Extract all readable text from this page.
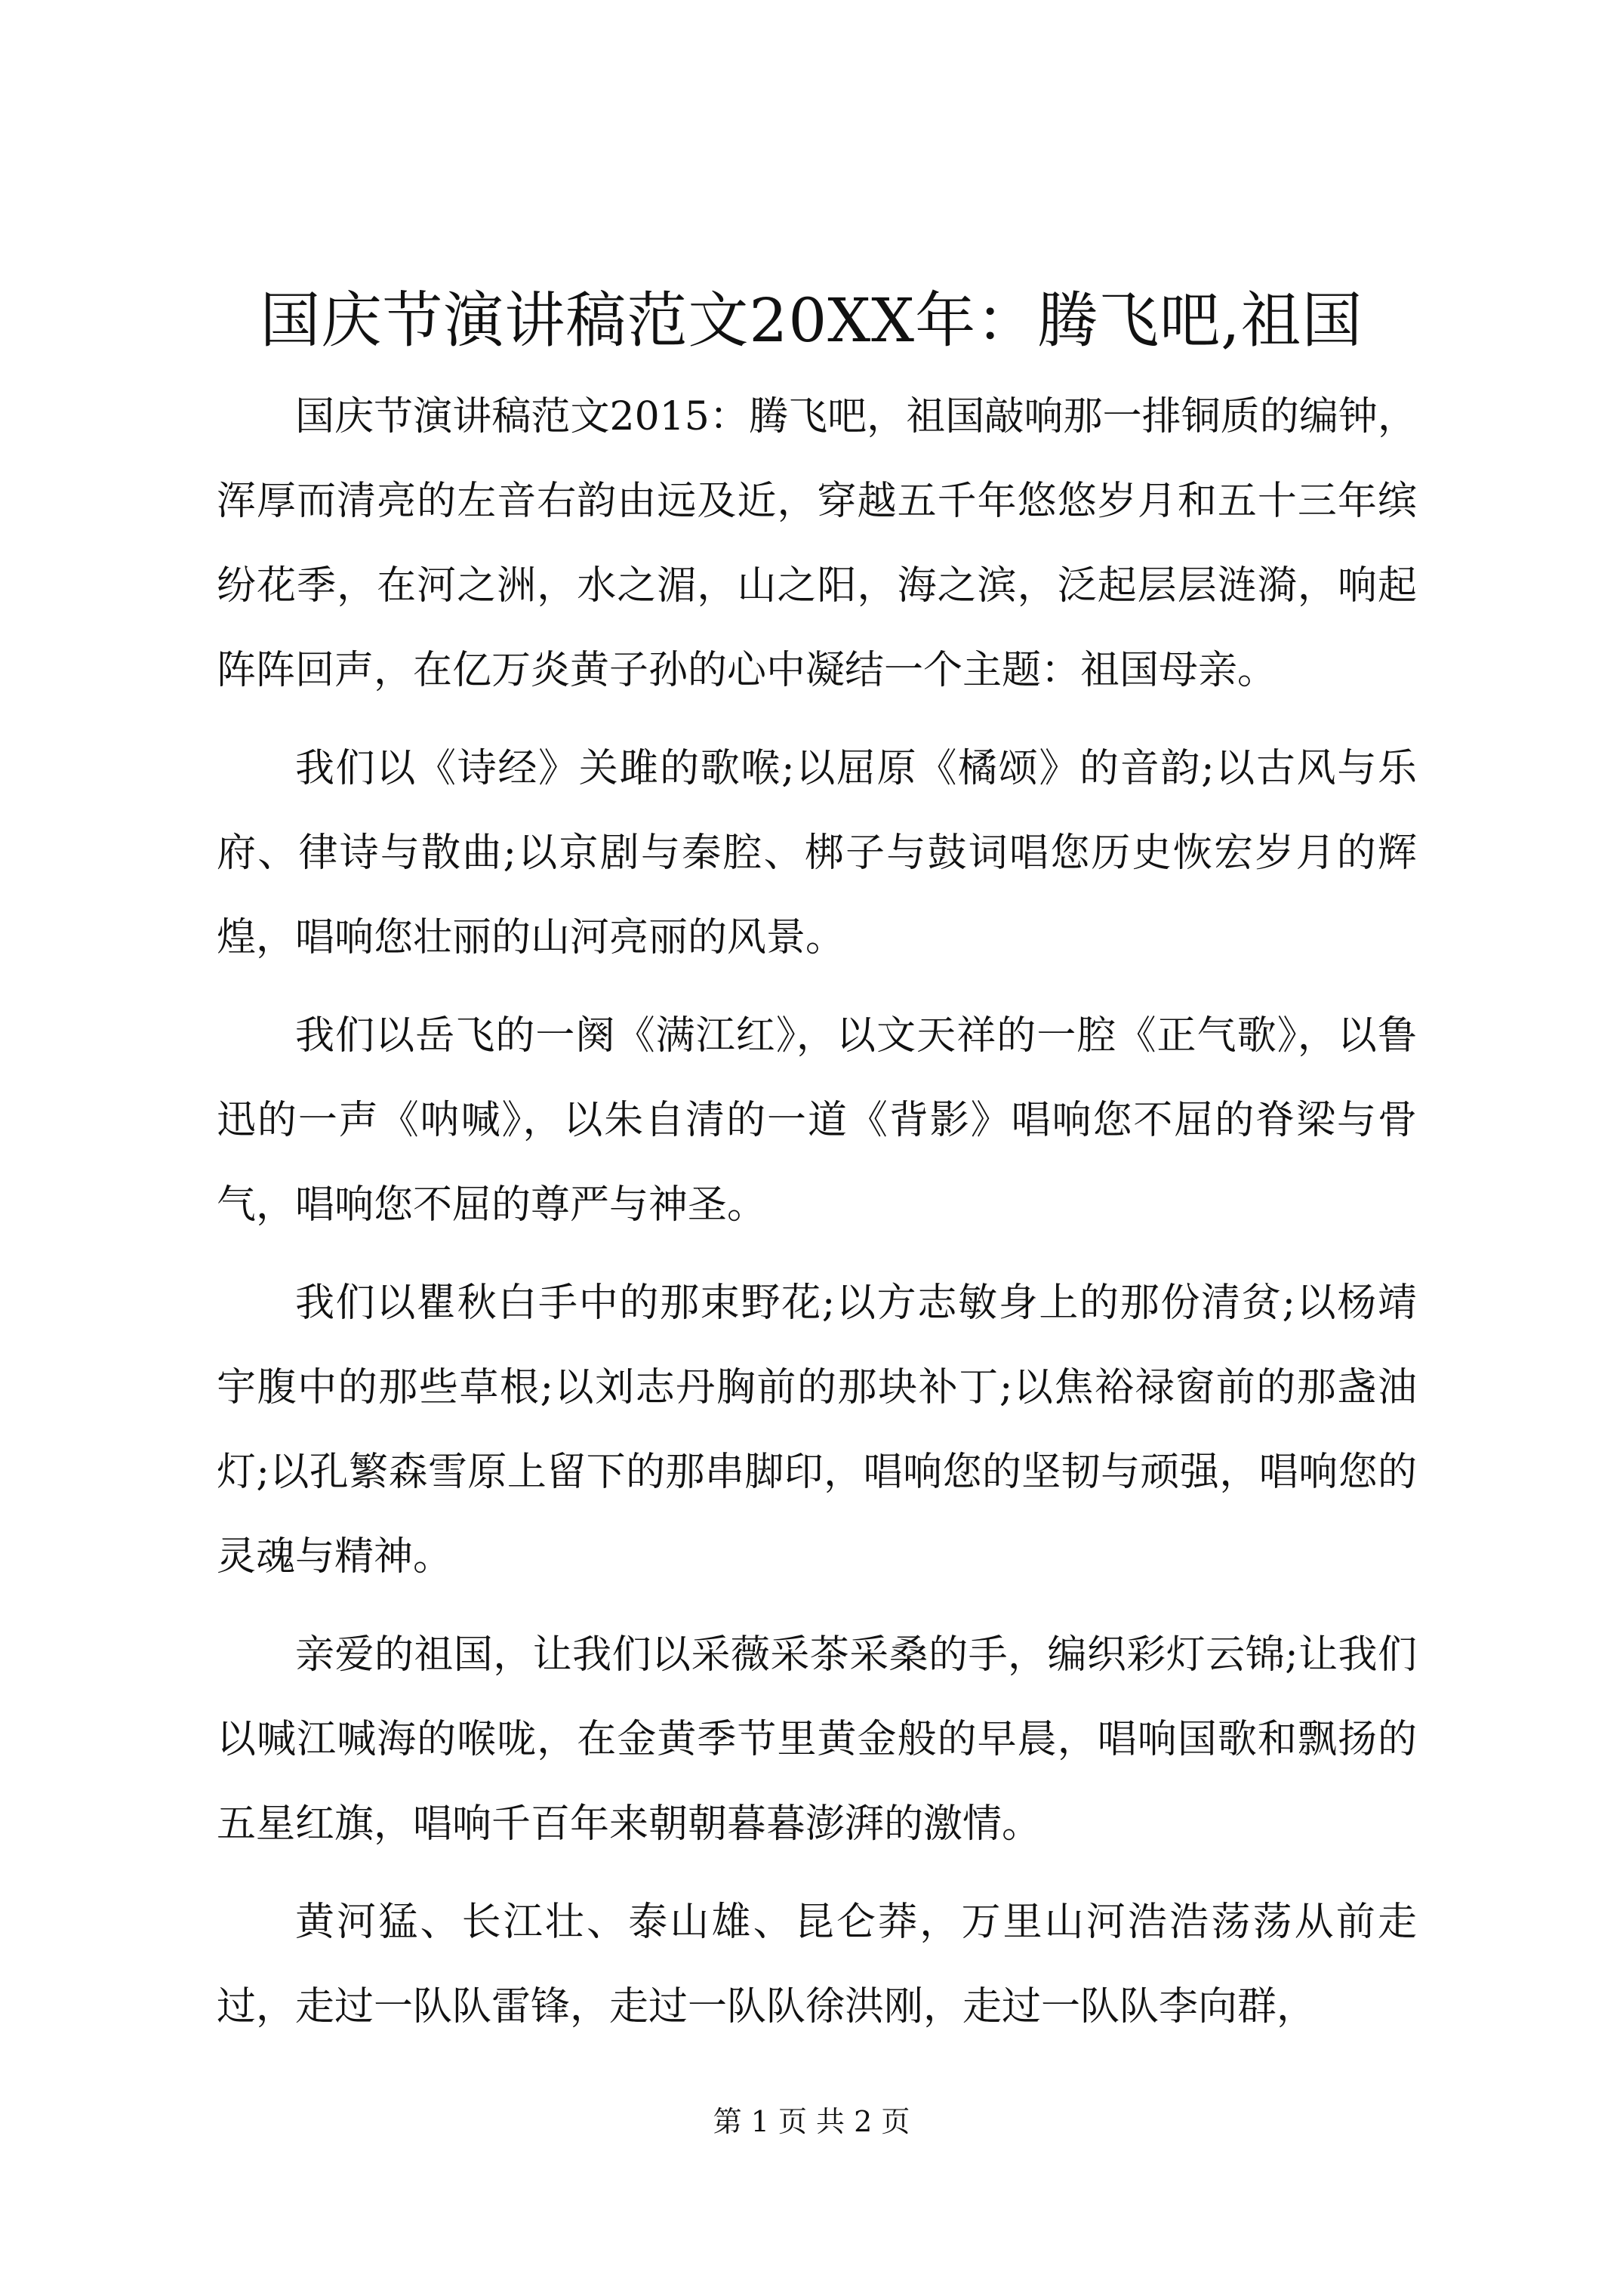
国庆节演讲稿范文20XX年：腾飞吧,祖国

国庆节演讲稿范文2015：腾飞吧，祖国敲响那一排铜质的编钟，浑厚而清亮的左音右韵由远及近，穿越五千年悠悠岁月和五十三年缤纷花季，在河之洲，水之湄，山之阳，海之滨，泛起层层涟漪，响起阵阵回声，在亿万炎黄子孙的心中凝结一个主题：祖国母亲。

我们以《诗经》关雎的歌喉;以屈原《橘颂》的音韵;以古风与乐府、律诗与散曲;以京剧与秦腔、梆子与鼓词唱您历史恢宏岁月的辉煌，唱响您壮丽的山河亮丽的风景。

我们以岳飞的一阕《满江红》，以文天祥的一腔《正气歌》，以鲁迅的一声《呐喊》，以朱自清的一道《背影》唱响您不屈的脊梁与骨气，唱响您不屈的尊严与神圣。

我们以瞿秋白手中的那束野花;以方志敏身上的那份清贫;以杨靖宇腹中的那些草根;以刘志丹胸前的那块补丁;以焦裕禄窗前的那盏油灯;以孔繁森雪原上留下的那串脚印，唱响您的坚韧与顽强，唱响您的灵魂与精神。

亲爱的祖国，让我们以采薇采茶采桑的手，编织彩灯云锦;让我们以喊江喊海的喉咙，在金黄季节里黄金般的早晨，唱响国歌和飘扬的五星红旗，唱响千百年来朝朝暮暮澎湃的激情。

黄河猛、长江壮、泰山雄、昆仑莽，万里山河浩浩荡荡从前走过，走过一队队雷锋，走过一队队徐洪刚，走过一队队李向群，

第 1 页 共 2 页
